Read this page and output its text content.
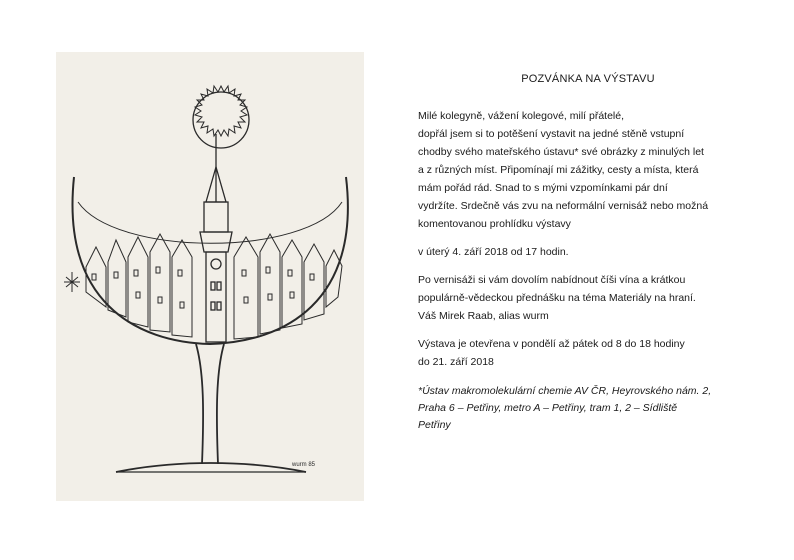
wurm 85

POZVÁNKA NA VÝSTAVU

Milé kolegyně, vážení kolegové, milí přátelé,

dopřál jsem si to potěšení vystavit na jedné stěně vstupní

chodby svého mateřského ústavu* své obrázky z minulých let

a z různých míst. Připomínají mi zážitky, cesty a místa, která

mám pořád rád. Snad to s mými vzpomínkami pár dní

vydržíte. Srdečně vás zvu na neformální vernisáž nebo možná

komentovanou prohlídku výstavy

v úterý 4. září 2018 od 17 hodin.

Po vernisáži si vám dovolím nabídnout číši vína a krátkou

populárně-vědeckou přednášku na téma Materiály na hraní.

Váš Mirek Raab, alias wurm

Výstava je otevřena v pondělí až pátek od 8 do 18 hodiny

do 21. září 2018

*Ústav makromolekulární chemie AV ČR, Heyrovského nám. 2,

Praha 6 – Petřiny, metro A – Petřiny, tram 1, 2 – Sídliště

Petřiny
